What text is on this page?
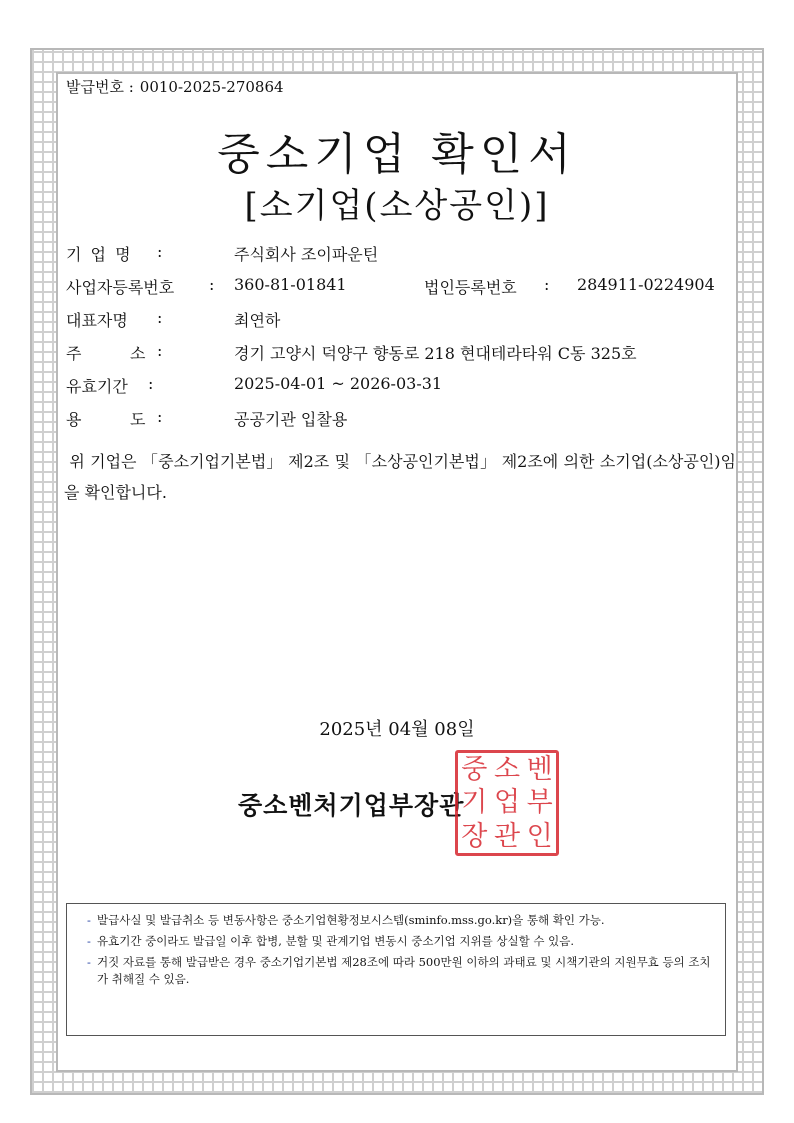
발급번호 : 0010-2025-270864
중소기업 확인서
[소기업(소상공인)]
기 업 명 :	주식회사 조이파운틴
사업자등록번호 : 360-81-01841	법인등록번호 : 284911-0224904
대표자명 :	최연하
주	소 :	경기 고양시 덕양구 향동로 218 현대테라타워 C동 325호
유효기간 :	2025-04-01 ~ 2026-03-31
용	도 :	공공기관 입찰용
위 기업은 「중소기업기본법」 제2조 및 「소상공인기본법」 제2조에 의한 소기업(소상공인)임을 확인합니다.
2025년 04월 08일
중소벤처기업부장관
중 소 벤
기 업 부
장 관 인
- 발급사실 및 발급취소 등 변동사항은 중소기업현황정보시스템(sminfo.mss.go.kr)을 통해 확인 가능.
- 유효기간 중이라도 발급일 이후 합병, 분할 및 관계기업 변동시 중소기업 지위를 상실할 수 있음.
- 거짓 자료를 통해 발급받은 경우 중소기업기본법 제28조에 따라 500만원 이하의 과태료 및 시책기관의 지원무효 등의 조치가 취해질 수 있음.
